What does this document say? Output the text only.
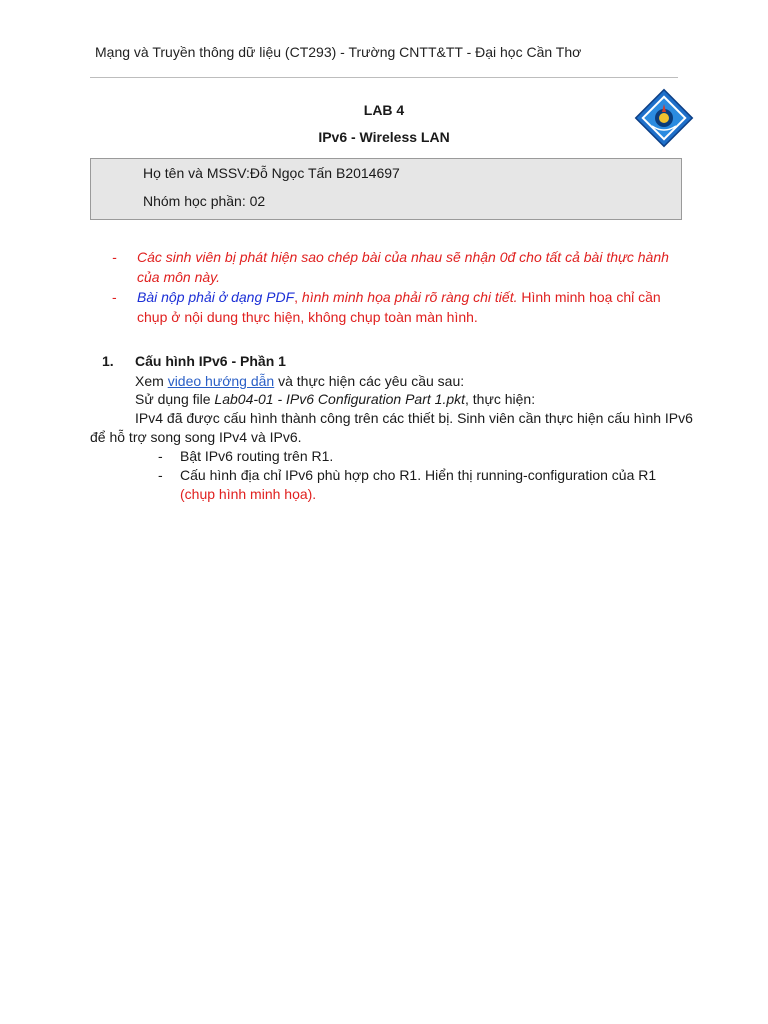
Mạng và Truyền thông dữ liệu (CT293) - Trường CNTT&TT - Đại học Cần Thơ
LAB 4
IPv6 - Wireless LAN
Họ tên và MSSV:Đỗ Ngọc Tấn B2014697
Nhóm học phần: 02

- Các sinh viên bị phát hiện sao chép bài của nhau sẽ nhận 0đ cho tất cả bài thực hành của môn này.

- Bài nộp phải ở dạng PDF, hình minh họa phải rõ ràng chi tiết. Hình minh hoạ chỉ cần chụp ở nội dung thực hiện, không chụp toàn màn hình.

1. Cấu hình IPv6 - Phần 1
Xem video hướng dẫn và thực hiện các yêu cầu sau:
Sử dụng file Lab04-01 - IPv6 Configuration Part 1.pkt, thực hiện:
IPv4 đã được cấu hình thành công trên các thiết bị. Sinh viên cần thực hiện cấu hình IPv6
để hỗ trợ song song IPv4 và IPv6.
- Bật IPv6 routing trên R1.
- Cấu hình địa chỉ IPv6 phù hợp cho R1. Hiển thị running-configuration của R1 (chụp hình minh họa).
